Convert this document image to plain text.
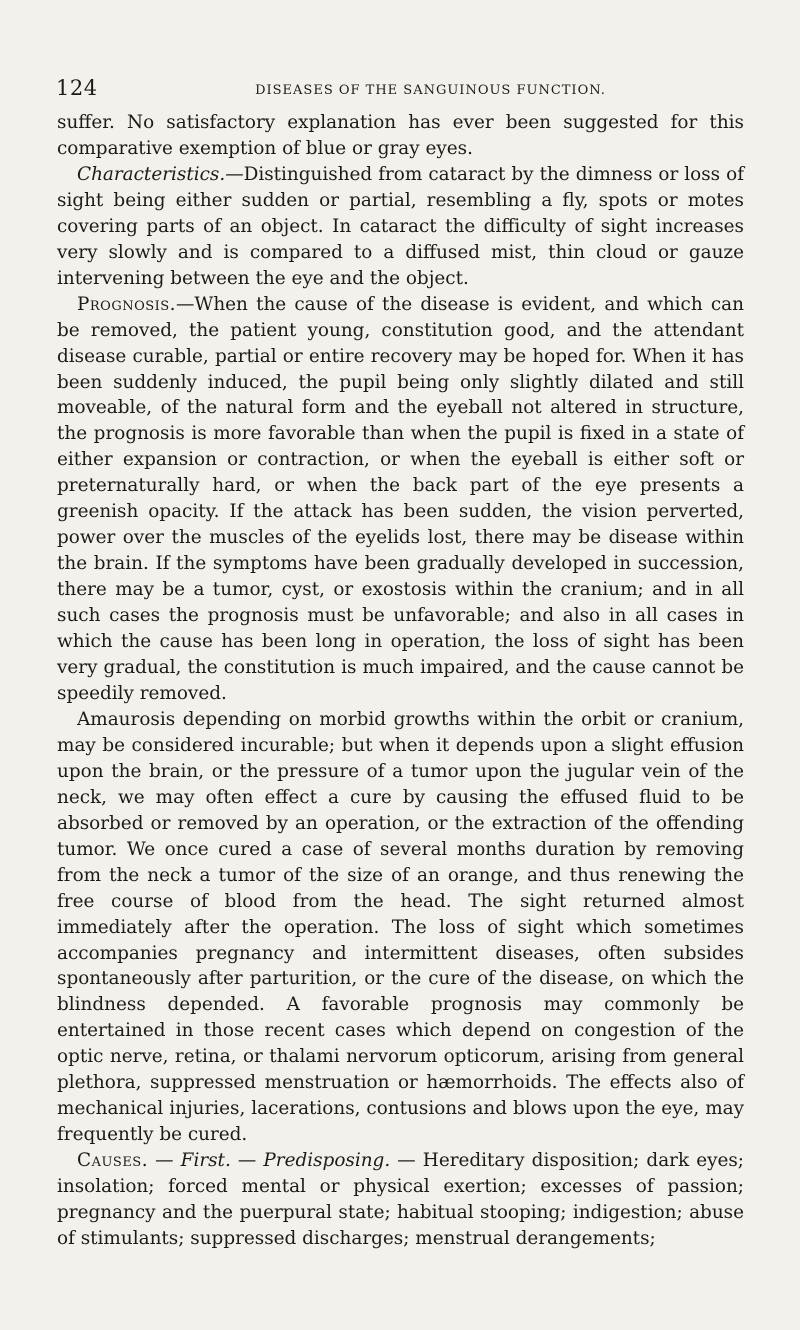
124	DISEASES OF THE SANGUINOUS FUNCTION.

suffer. No satisfactory explanation has ever been suggested for this comparative exemption of blue or gray eyes.

Characteristics.—Distinguished from cataract by the dimness or loss of sight being either sudden or partial, resembling a fly, spots or motes covering parts of an object. In cataract the difficulty of sight increases very slowly and is compared to a diffused mist, thin cloud or gauze intervening between the eye and the object.

Prognosis.—When the cause of the disease is evident, and which can be removed, the patient young, constitution good, and the attendant disease curable, partial or entire recovery may be hoped for. When it has been suddenly induced, the pupil being only slightly dilated and still moveable, of the natural form and the eyeball not altered in structure, the prognosis is more favorable than when the pupil is fixed in a state of either expansion or contraction, or when the eyeball is either soft or preternaturally hard, or when the back part of the eye presents a greenish opacity. If the attack has been sudden, the vision perverted, power over the muscles of the eyelids lost, there may be disease within the brain. If the symptoms have been gradually developed in succession, there may be a tumor, cyst, or exostosis within the cranium; and in all such cases the prognosis must be unfavorable; and also in all cases in which the cause has been long in operation, the loss of sight has been very gradual, the constitution is much impaired, and the cause cannot be speedily removed.

Amaurosis depending on morbid growths within the orbit or cranium, may be considered incurable; but when it depends upon a slight effusion upon the brain, or the pressure of a tumor upon the jugular vein of the neck, we may often effect a cure by causing the effused fluid to be absorbed or removed by an operation, or the extraction of the offending tumor. We once cured a case of several months duration by removing from the neck a tumor of the size of an orange, and thus renewing the free course of blood from the head. The sight returned almost immediately after the operation. The loss of sight which sometimes accompanies pregnancy and intermittent diseases, often subsides spontaneously after parturition, or the cure of the disease, on which the blindness depended. A favorable prognosis may commonly be entertained in those recent cases which depend on congestion of the optic nerve, retina, or thalami nervorum opticorum, arising from general plethora, suppressed menstruation or hæmorrhoids. The effects also of mechanical injuries, lacerations, contusions and blows upon the eye, may frequently be cured.

Causes. — First. — Predisposing. — Hereditary disposition; dark eyes; insolation; forced mental or physical exertion; excesses of passion; pregnancy and the puerpural state; habitual stooping; indigestion; abuse of stimulants; suppressed discharges; menstrual derangements;
